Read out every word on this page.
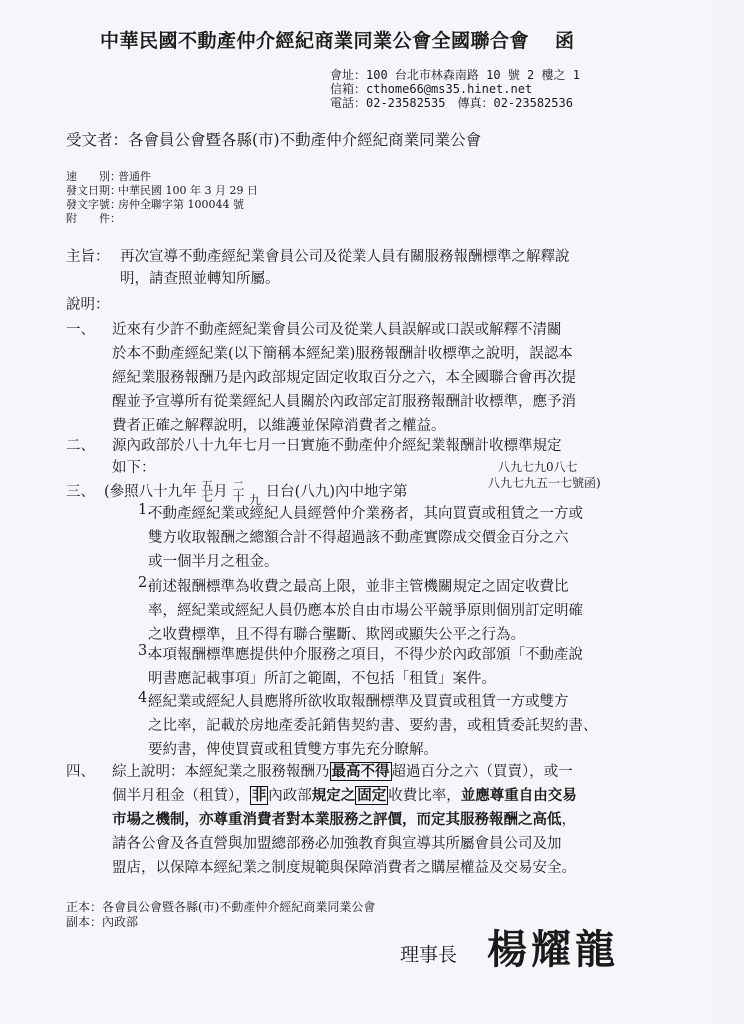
中華民國不動產仲介經紀商業同業公會全國聯合會 函
會址：100 台北市林森南路 10 號 2 樓之 1
信箱：cthome66@ms35.hinet.net
電話：02-23582535　傳真：02-23582536
受文者：各會員公會暨各縣(市)不動產仲介經紀商業同業公會
速　　別：普通件
發文日期：中華民國 100 年 3 月 29 日
發文字號：房仲全聯字第 100044 號
附　　件：
主旨： 再次宣導不動產經紀業會員公司及從業人員有關服務報酬標準之解釋說
明，請查照並轉知所屬。
說明：
一、 近來有少許不動產經紀業會員公司及從業人員誤解或口誤或解釋不清關
於本不動產經紀業(以下簡稱本經紀業)服務報酬計收標準之說明，誤認本
經紀業服務報酬乃是內政部規定固定收取百分之六，本全國聯合會再次提
醒並予宣導所有從業經紀人員關於內政部定訂服務報酬計收標準，應予消
費者正確之解釋說明，以維護並保障消費者之權益。
二、 源內政部於八十九年七月一日實施不動產仲介經紀業報酬計收標準規定
如下：	八九七九0八七
三、 (參照八十九年 五
七月 二
十 九 日台(八九)內中地字第
八九七九五一七號函)
1.
不動產經紀業或經紀人員經營仲介業務者，其向買賣或租賃之一方或
雙方收取報酬之總額合計不得超過該不動產實際成交價金百分之六
或一個半月之租金。
2.
前述報酬標準為收費之最高上限，並非主管機關規定之固定收費比
率，經紀業或經紀人員仍應本於自由市場公平競爭原則個別訂定明確
之收費標準，且不得有聯合壟斷、欺罔或顯失公平之行為。
3.
本項報酬標準應提供仲介服務之項目，不得少於內政部頒「不動產說
明書應記載事項」所訂之範圍，不包括「租賃」案件。
4.
經紀業或經紀人員應將所欲收取報酬標準及買賣或租賃一方或雙方
之比率，記載於房地產委託銷售契約書、要約書，或租賃委託契約書、
要約書，俾使買賣或租賃雙方事先充分瞭解。
四、 綜上說明：本經紀業之服務報酬乃 最高不得 超過百分之六（買賣），或一
個半月租金（租賃）， 非 內政部規定之 固定 收費比率，並應尊重自由交易
市場之機制，亦尊重消費者對本業服務之評價，而定其服務報酬之高低，
請各公會及各直營與加盟總部務必加強教育與宣導其所屬會員公司及加
盟店，以保障本經紀業之制度規範與保障消費者之購屋權益及交易安全。
正本：各會員公會暨各縣(市)不動產仲介經紀商業同業公會
副本：內政部
理事長 楊耀龍
